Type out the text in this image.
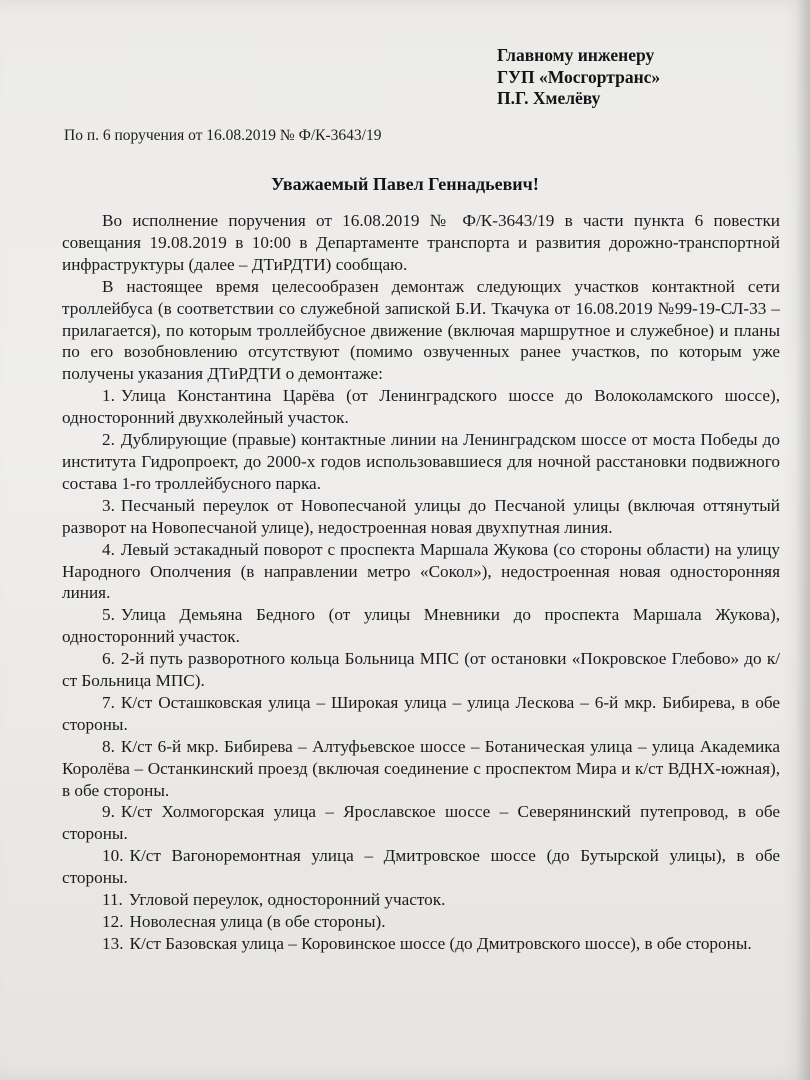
Главному инженеру
ГУП «Мосгортранс»
П.Г. Хмелёву
По п. 6 поручения от 16.08.2019 № Ф/К-3643/19
Уважаемый Павел Геннадьевич!

Во исполнение поручения от 16.08.2019 № Ф/К-3643/19 в части пункта 6 повестки совещания 19.08.2019 в 10:00 в Департаменте транспорта и развития дорожно-транспортной инфраструктуры (далее – ДТиРДТИ) сообщаю.

В настоящее время целесообразен демонтаж следующих участков контактной сети троллейбуса (в соответствии со служебной запиской Б.И. Ткачука от 16.08.2019 №99-19-СЛ-33 – прилагается), по которым троллейбусное движение (включая маршрутное и служебное) и планы по его возобновлению отсутствуют (помимо озвученных ранее участков, по которым уже получены указания ДТиРДТИ о демонтаже:

1. Улица Константина Царёва (от Ленинградского шоссе до Волоколамского шоссе), односторонний двухколейный участок.

2. Дублирующие (правые) контактные линии на Ленинградском шоссе от моста Победы до института Гидропроект, до 2000-х годов использовавшиеся для ночной расстановки подвижного состава 1-го троллейбусного парка.

3. Песчаный переулок от Новопесчаной улицы до Песчаной улицы (включая оттянутый разворот на Новопесчаной улице), недостроенная новая двухпутная линия.

4. Левый эстакадный поворот с проспекта Маршала Жукова (со стороны области) на улицу Народного Ополчения (в направлении метро «Сокол»), недостроенная новая односторонняя линия.

5. Улица Демьяна Бедного (от улицы Мневники до проспекта Маршала Жукова), односторонний участок.

6. 2-й путь разворотного кольца Больница МПС (от остановки «Покровское Глебово» до к/ст Больница МПС).

7. К/ст Осташковская улица – Широкая улица – улица Лескова – 6-й мкр. Бибирева, в обе стороны.

8. К/ст 6-й мкр. Бибирева – Алтуфьевское шоссе – Ботаническая улица – улица Академика Королёва – Останкинский проезд (включая соединение с проспектом Мира и к/ст ВДНХ-южная), в обе стороны.

9. К/ст Холмогорская улица – Ярославское шоссе – Северянинский путепровод, в обе стороны.

10. К/ст Вагоноремонтная улица – Дмитровское шоссе (до Бутырской улицы), в обе стороны.

11. Угловой переулок, односторонний участок.

12. Новолесная улица (в обе стороны).

13. К/ст Базовская улица – Коровинское шоссе (до Дмитровского шоссе), в обе стороны.
